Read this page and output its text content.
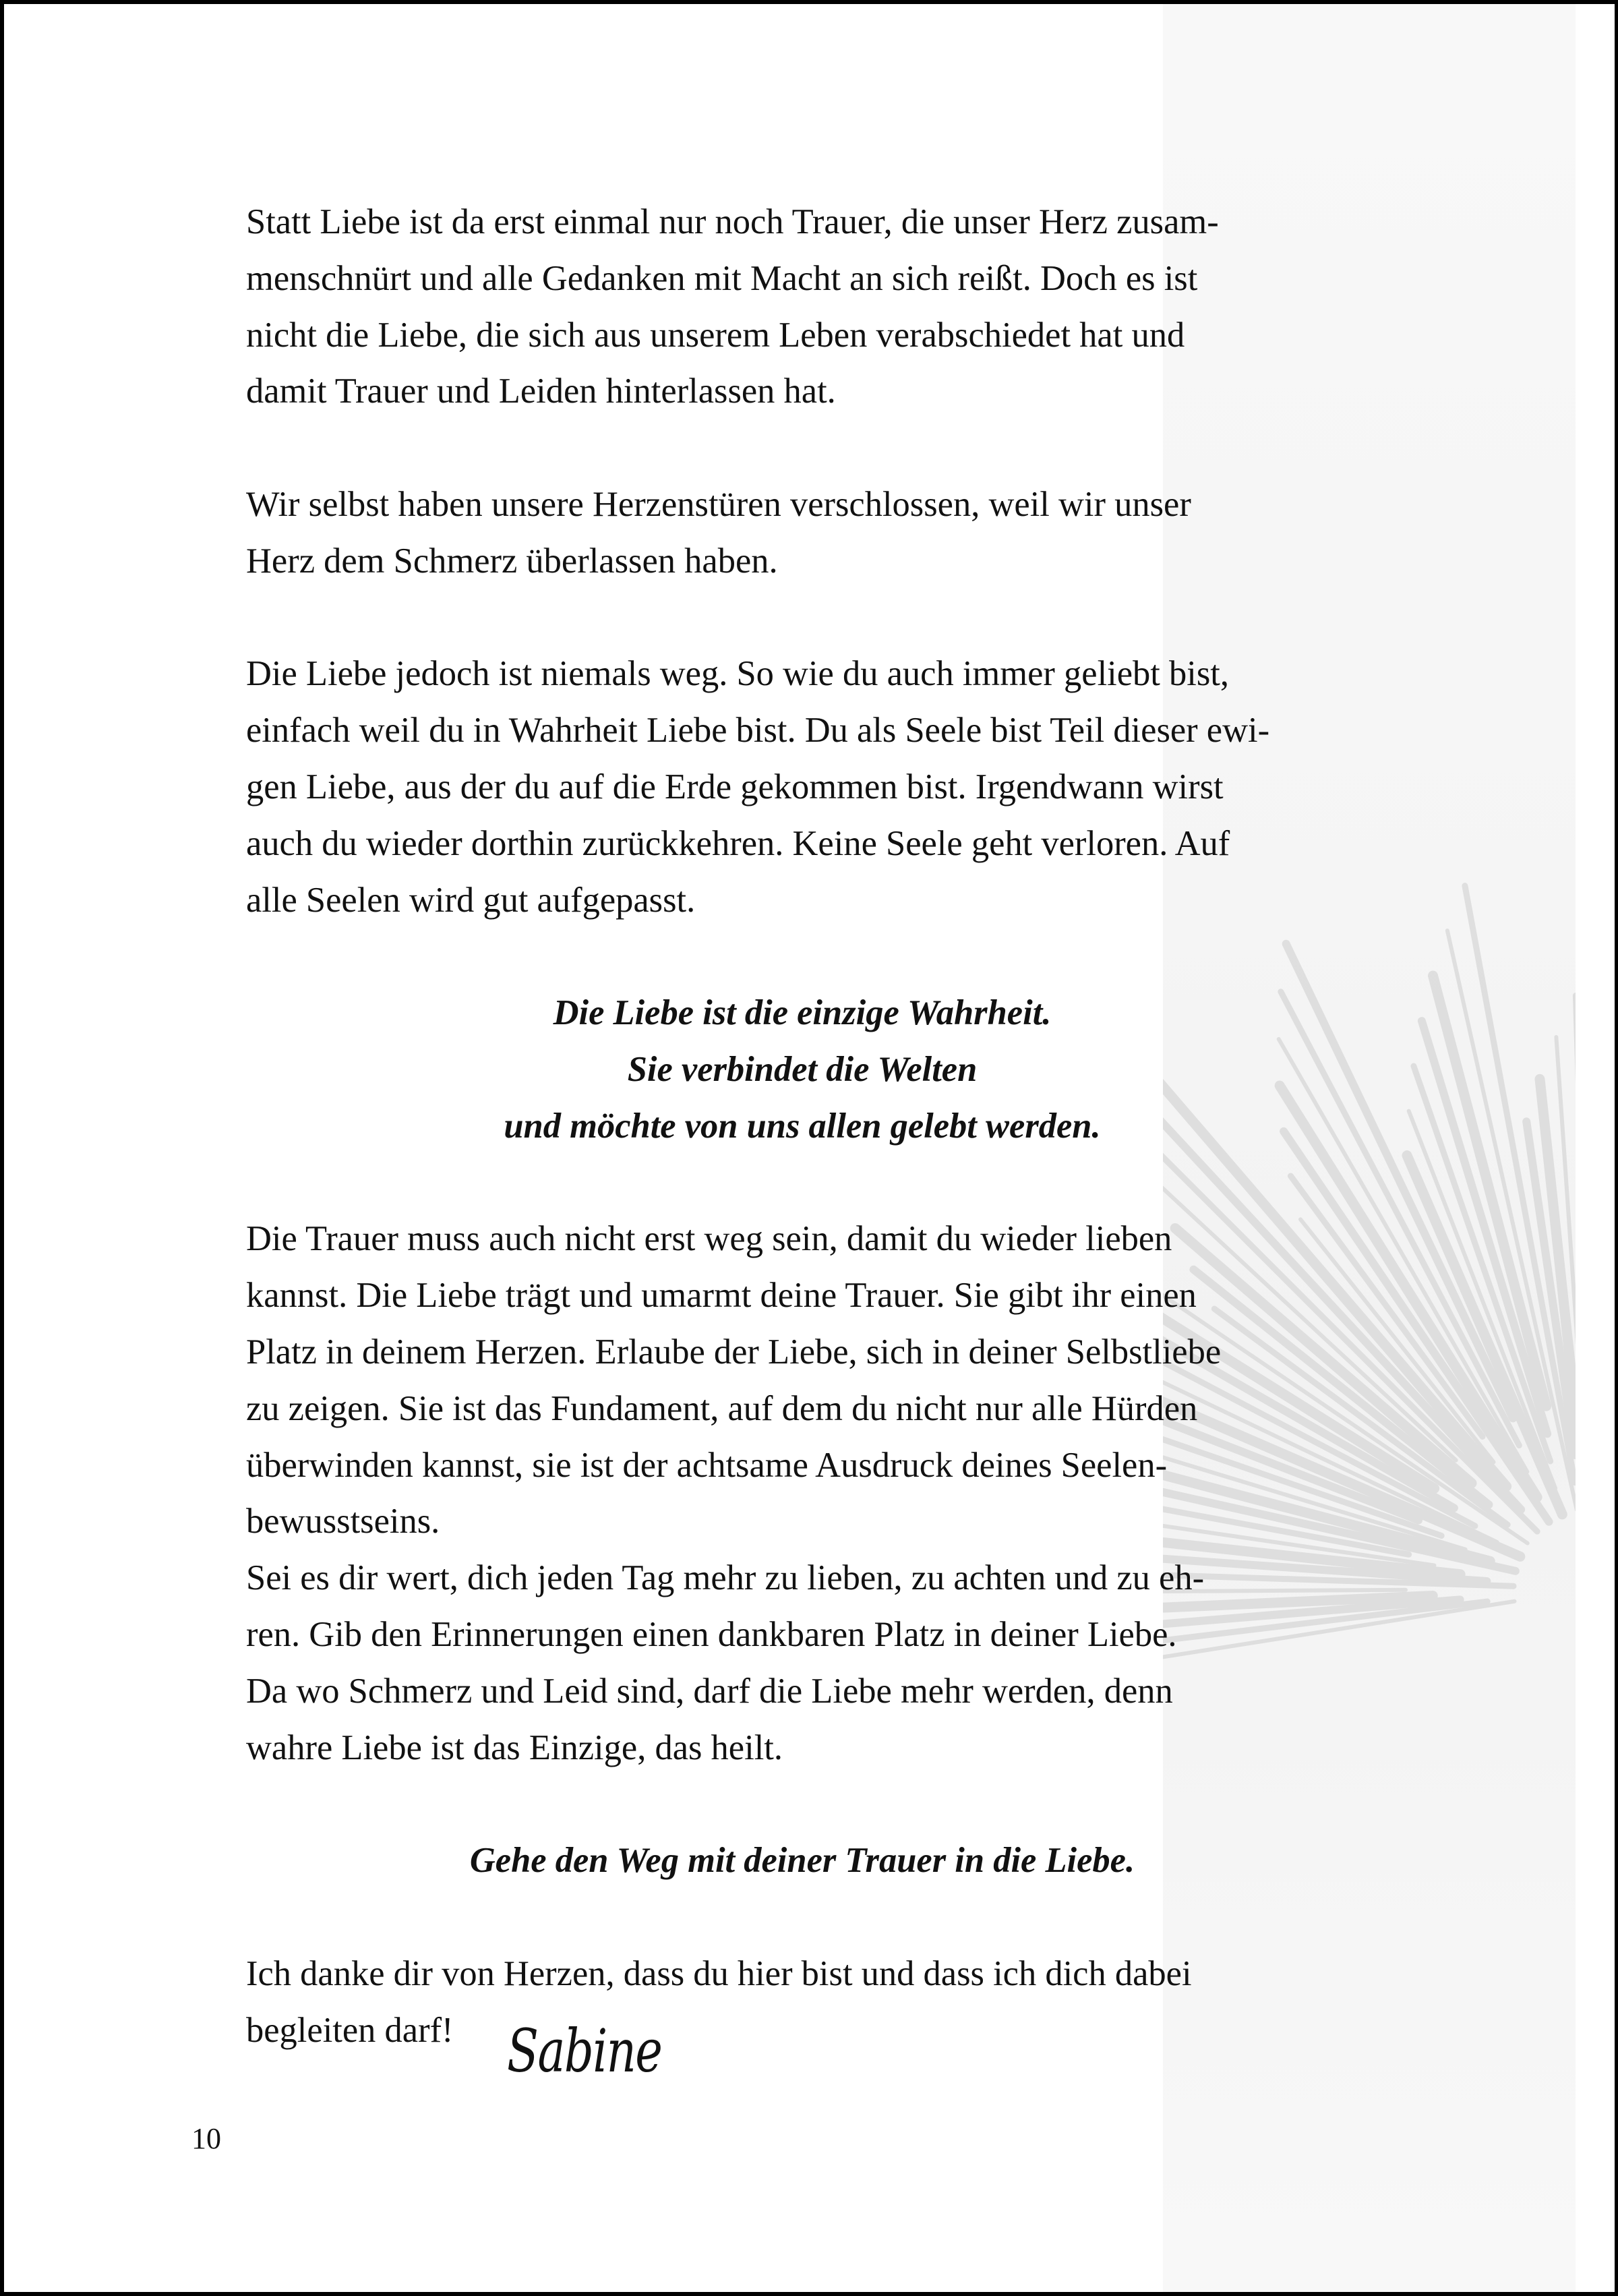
Statt Liebe ist da erst einmal nur noch Trauer, die unser Herz zusam-
menschnürt und alle Gedanken mit Macht an sich reißt. Doch es ist
nicht die Liebe, die sich aus unserem Leben verabschiedet hat und
damit Trauer und Leiden hinterlassen hat.
Wir selbst haben unsere Herzenstüren verschlossen, weil wir unser
Herz dem Schmerz überlassen haben.
Die Liebe jedoch ist niemals weg. So wie du auch immer geliebt bist,
einfach weil du in Wahrheit Liebe bist. Du als Seele bist Teil dieser ewi-
gen Liebe, aus der du auf die Erde gekommen bist. Irgendwann wirst
auch du wieder dorthin zurückkehren. Keine Seele geht verloren. Auf
alle Seelen wird gut aufgepasst.
Die Liebe ist die einzige Wahrheit.
Sie verbindet die Welten
und möchte von uns allen gelebt werden.
Die Trauer muss auch nicht erst weg sein, damit du wieder lieben
kannst. Die Liebe trägt und umarmt deine Trauer. Sie gibt ihr einen
Platz in deinem Herzen. Erlaube der Liebe, sich in deiner Selbstliebe
zu zeigen. Sie ist das Fundament, auf dem du nicht nur alle Hürden
überwinden kannst, sie ist der achtsame Ausdruck deines Seelen-
bewusstseins.
Sei es dir wert, dich jeden Tag mehr zu lieben, zu achten und zu eh-
ren. Gib den Erinnerungen einen dankbaren Platz in deiner Liebe.
Da wo Schmerz und Leid sind, darf die Liebe mehr werden, denn
wahre Liebe ist das Einzige, das heilt.
Gehe den Weg mit deiner Trauer in die Liebe.
Ich danke dir von Herzen, dass du hier bist und dass ich dich dabei
begleiten darf! Sabine
10
